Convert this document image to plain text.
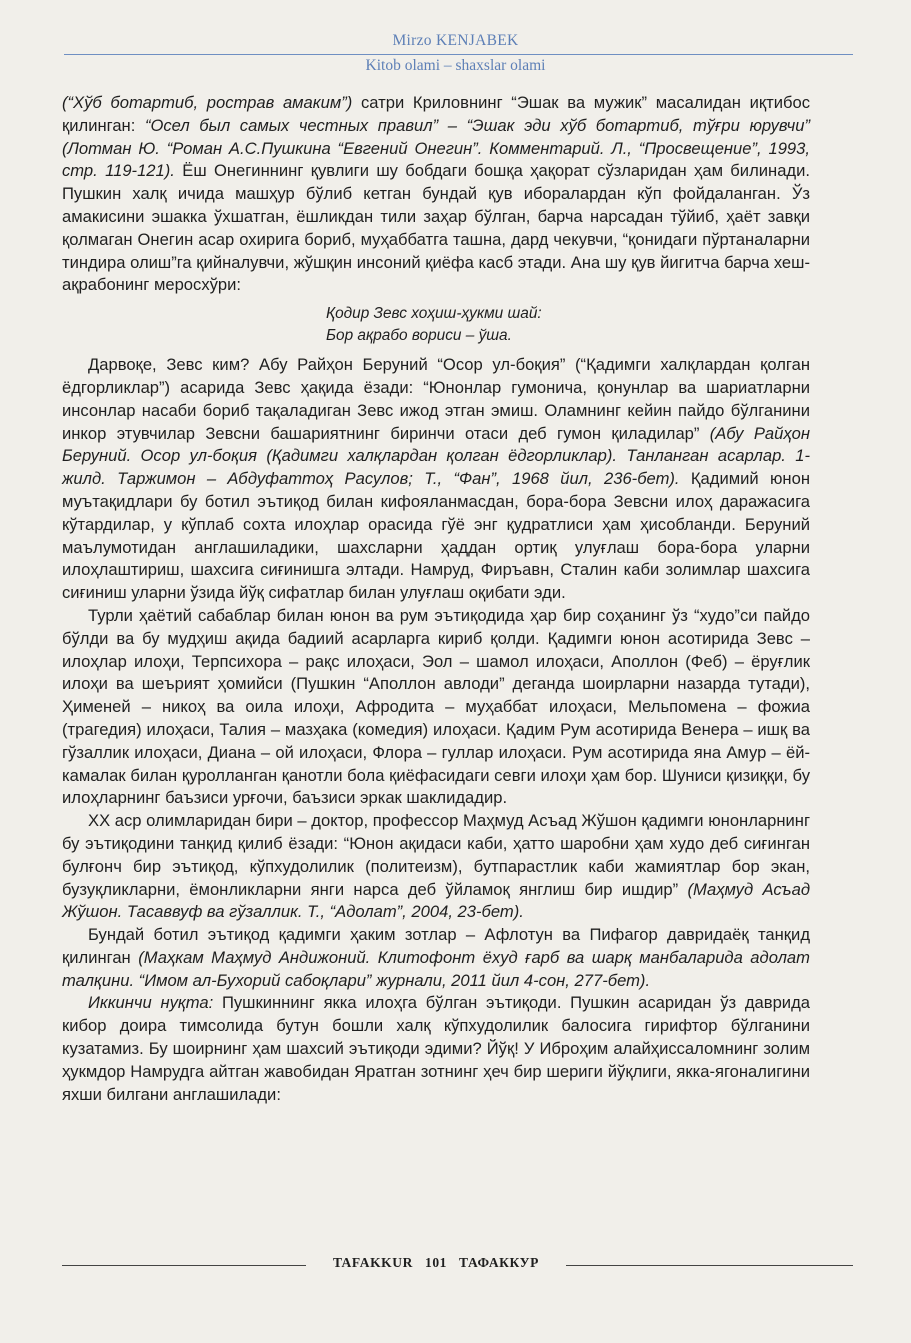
Mirzo KENJABEK
Kitob olami – shaxslar olami

(“Хўб ботартиб, рострав амаким”) сатри Криловнинг “Эшак ва мужик” масалидан иқтибос қилинган: “Осел был самых честных правил” – “Эшак эди хўб ботартиб, тўғри юрувчи” (Лотман Ю. “Роман А.С.Пушкина “Евгений Онегин”. Комментарий. Л., “Просвещение”, 1993, стр. 119-121). Ёш Онегиннинг қувлиги шу бобдаги бошқа ҳақорат сўзларидан ҳам билинади. Пушкин халқ ичида машҳур бўлиб кетган бундай қув иборалардан кўп фойдаланган. Ўз амакисини эшакка ўхшатган, ёшликдан тили заҳар бўлган, барча нарсадан тўйиб, ҳаёт завқи қолмаган Онегин асар охирига бориб, муҳаббатга ташна, дард чекувчи, “қонидаги пўртаналарни тиндира олиш”га қийналувчи, жўшқин инсоний қиёфа касб этади. Ана шу қув йигитча барча хеш-ақрабонинг меросхўри:

Қодир Зевс хоҳиш-ҳукми шай:
Бор ақрабо вориси – ўша.

Дарвоқе, Зевс ким? Абу Райҳон Беруний “Осор ул-боқия” (“Қадимги халқлардан қолган ёдгорликлар”) асарида Зевс ҳақида ёзади: “Юнонлар гумонича, қонунлар ва шариатларни инсонлар насаби бориб тақаладиган Зевс ижод этган эмиш. Оламнинг кейин пайдо бўлганини инкор этувчилар Зевсни башариятнинг биринчи отаси деб гумон қиладилар” (Абу Райҳон Беруний. Осор ул-боқия (Қадимги халқлардан қолган ёдгорликлар). Танланган асарлар. 1-жилд. Таржимон – Абдуфаттоҳ Расулов; Т., “Фан”, 1968 йил, 236-бет). Қадимий юнон муътақидлари бу ботил эътиқод билан кифояланмасдан, бора-бора Зевсни илоҳ даражасига кўтардилар, у кўплаб сохта илоҳлар орасида гўё энг қудратлиси ҳам ҳисобланди. Беруний маълумотидан англашиладики, шахсларни ҳаддан ортиқ улуғлаш бора-бора уларни илоҳлаштириш, шахсига сиғинишга элтади. Намруд, Фиръавн, Сталин каби золимлар шахсига сиғиниш уларни ўзида йўқ сифатлар билан улуғлаш оқибати эди.

Турли ҳаётий сабаблар билан юнон ва рум эътиқодида ҳар бир соҳанинг ўз “худо”си пайдо бўлди ва бу мудҳиш ақида бадиий асарларга кириб қолди. Қадимги юнон асотирида Зевс – илоҳлар илоҳи, Терпсихора – рақс илоҳаси, Эол – шамол илоҳаси, Аполлон (Феб) – ёруғлик илоҳи ва шеърият ҳомийси (Пушкин “Аполлон авлоди” деганда шоирларни назарда тутади), Ҳименей – никоҳ ва оила илоҳи, Афродита – муҳаббат илоҳаси, Мельпомена – фожиа (трагедия) илоҳаси, Талия – мазҳака (комедия) илоҳаси. Қадим Рум асотирида Венера – ишқ ва гўзаллик илоҳаси, Диана – ой илоҳаси, Флора – гуллар илоҳаси. Рум асотирида яна Амур – ёй-камалак билан қуролланган қанотли бола қиёфасидаги севги илоҳи ҳам бор. Шуниси қизиққи, бу илоҳларнинг баъзиси урғочи, баъзиси эркак шаклидадир.

ХХ аср олимларидан бири – доктор, профессор Маҳмуд Асъад Жўшон қадимги юнонларнинг бу эътиқодини танқид қилиб ёзади: “Юнон ақидаси каби, ҳатто шаробни ҳам худо деб сиғинган булғонч бир эътиқод, кўпхудолилик (политеизм), бутпарастлик каби жамиятлар бор экан, бузуқликларни, ёмонликларни янги нарса деб ўйламоқ янглиш бир ишдир” (Маҳмуд Асъад Жўшон. Тасаввуф ва гўзаллик. Т., “Адолат”, 2004, 23-бет).

Бундай ботил эътиқод қадимги ҳаким зотлар – Афлотун ва Пифагор давридаёқ танқид қилинган (Маҳкам Маҳмуд Андижоний. Клитофонт ёхуд ғарб ва шарқ манбаларида адолат талқини. “Имом ал-Бухорий сабоқлари” журнали, 2011 йил 4-сон, 277-бет).

Иккинчи нуқта: Пушкиннинг якка илоҳга бўлган эътиқоди. Пушкин асаридан ўз даврида кибор доира тимсолида бутун бошли халқ кўпхудолилик балосига гирифтор бўлганини кузатамиз. Бу шоирнинг ҳам шахсий эътиқоди эдими? Йўқ! У Иброҳим алайҳиссаломнинг золим ҳукмдор Намрудга айтган жавобидан Яратган зотнинг ҳеч бир шериги йўқлиги, якка-ягоналигини яхши билгани англашилади:

TAFAKKUR 101 ТАФАККУР
